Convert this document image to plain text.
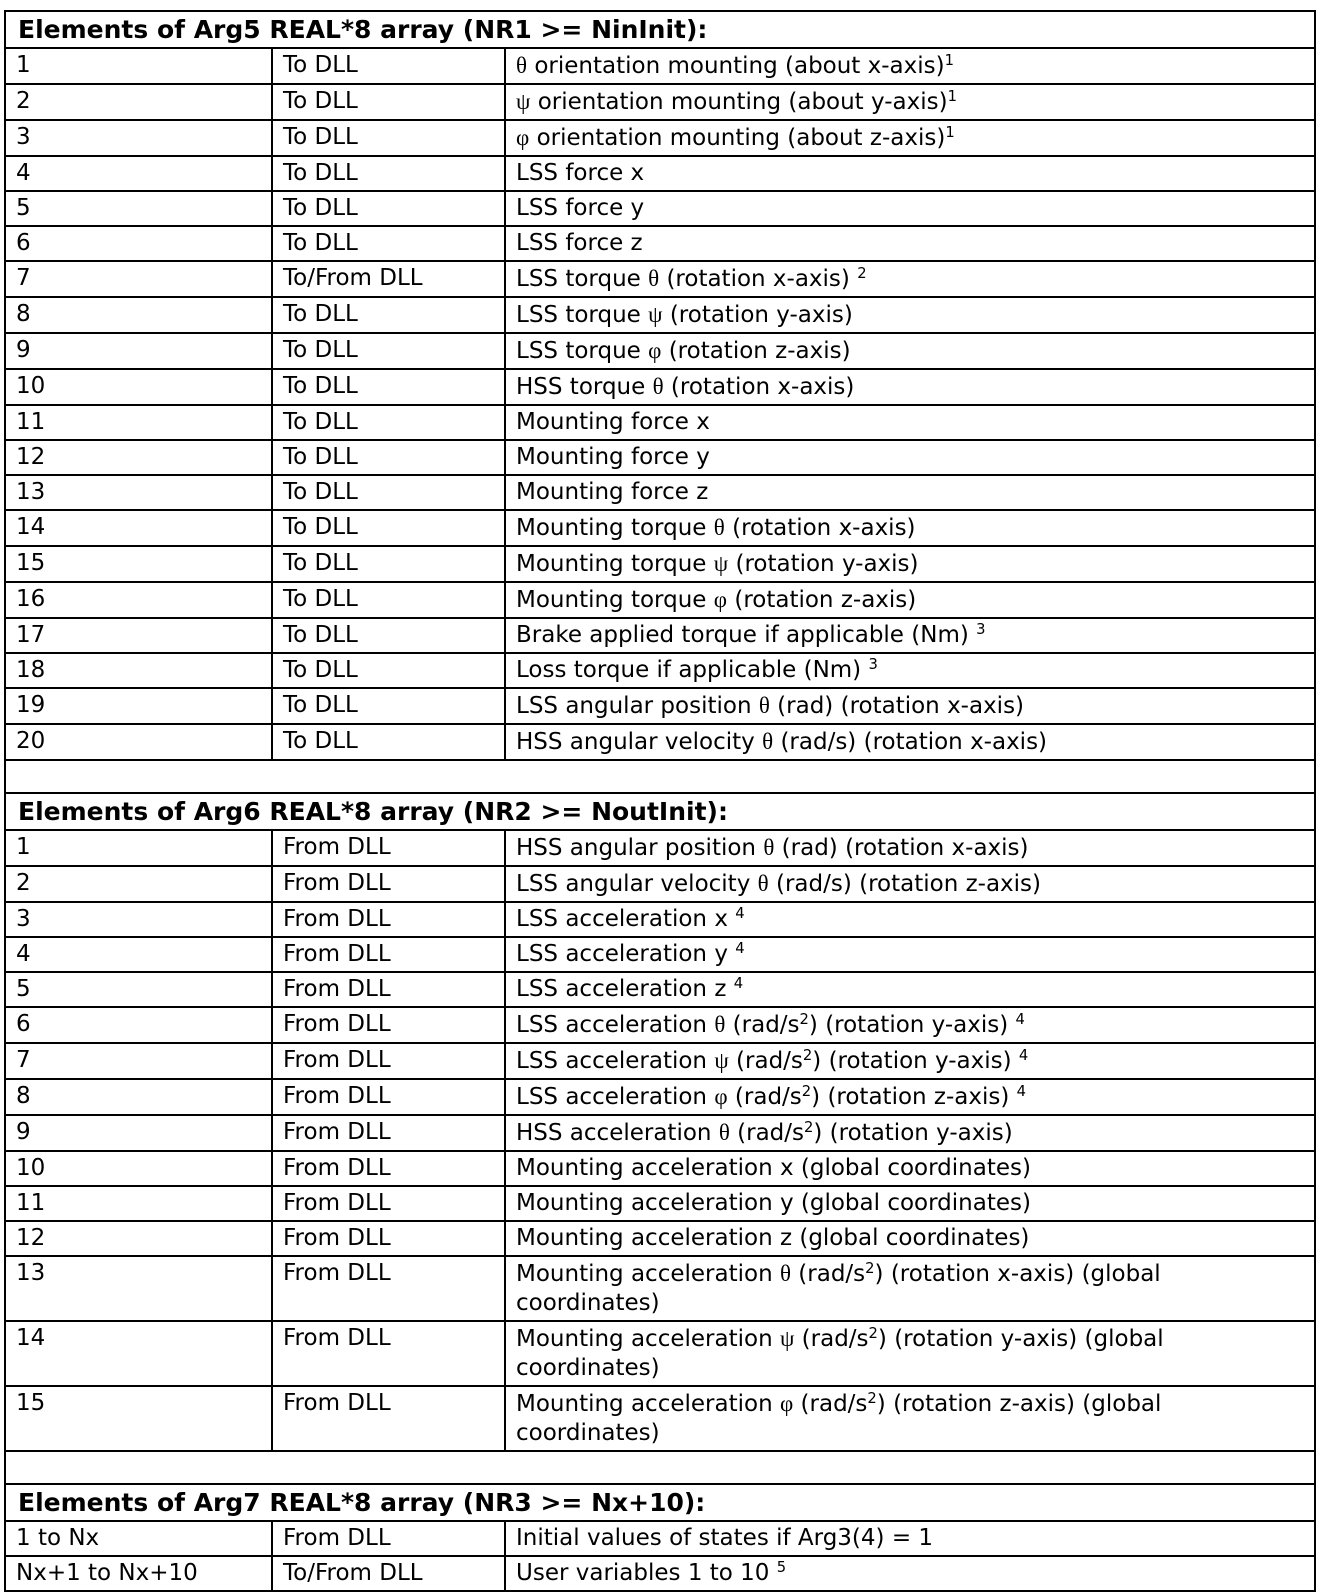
Elements of Arg5 REAL*8 array (NR1 >= NinInit):		
1	To DLL	θ orientation mounting (about x-axis)$^1$
2	To DLL	ψ orientation mounting (about y-axis)$^1$
3	To DLL	φ orientation mounting (about z-axis)$^1$
4	To DLL	LSS force x
5	To DLL	LSS force y
6	To DLL	LSS force z
7	To/From DLL	LSS torque θ (rotation x-axis) $^2$
8	To DLL	LSS torque ψ (rotation y-axis)
9	To DLL	LSS torque φ (rotation z-axis)
10	To DLL	HSS torque θ (rotation x-axis)
11	To DLL	Mounting force x
12	To DLL	Mounting force y
13	To DLL	Mounting force z
14	To DLL	Mounting torque θ (rotation x-axis)
15	To DLL	Mounting torque ψ (rotation y-axis)
16	To DLL	Mounting torque φ (rotation z-axis)
17	To DLL	Brake applied torque if applicable (Nm) $^3$
18	To DLL	Loss torque if applicable (Nm) $^3$
19	To DLL	LSS angular position θ (rad) (rotation x-axis)
20	To DLL	HSS angular velocity θ (rad/s) (rotation x-axis)

Elements of Arg6 REAL*8 array (NR2 >= NoutInit):		
1	From DLL	HSS angular position θ (rad) (rotation x-axis)
2	From DLL	LSS angular velocity θ (rad/s) (rotation z-axis)
3	From DLL	LSS acceleration x $^4$
4	From DLL	LSS acceleration y $^4$
5	From DLL	LSS acceleration z $^4$
6	From DLL	LSS acceleration θ (rad/s$^2$) (rotation y-axis) $^4$
7	From DLL	LSS acceleration ψ (rad/s$^2$) (rotation y-axis) $^4$
8	From DLL	LSS acceleration φ (rad/s$^2$) (rotation z-axis) $^4$
9	From DLL	HSS acceleration θ (rad/s$^2$) (rotation y-axis)
10	From DLL	Mounting acceleration x (global coordinates)
11	From DLL	Mounting acceleration y (global coordinates)
12	From DLL	Mounting acceleration z (global coordinates)
13	From DLL	Mounting acceleration θ (rad/s$^2$) (rotation x-axis) (global coordinates)
14	From DLL	Mounting acceleration ψ (rad/s$^2$) (rotation y-axis) (global coordinates)
15	From DLL	Mounting acceleration φ (rad/s$^2$) (rotation z-axis) (global coordinates)

Elements of Arg7 REAL*8 array (NR3 >= Nx+10):		
1 to Nx	From DLL	Initial values of states if Arg3(4) = 1
Nx+1 to Nx+10	To/From DLL	User variables 1 to 10 $^5$
